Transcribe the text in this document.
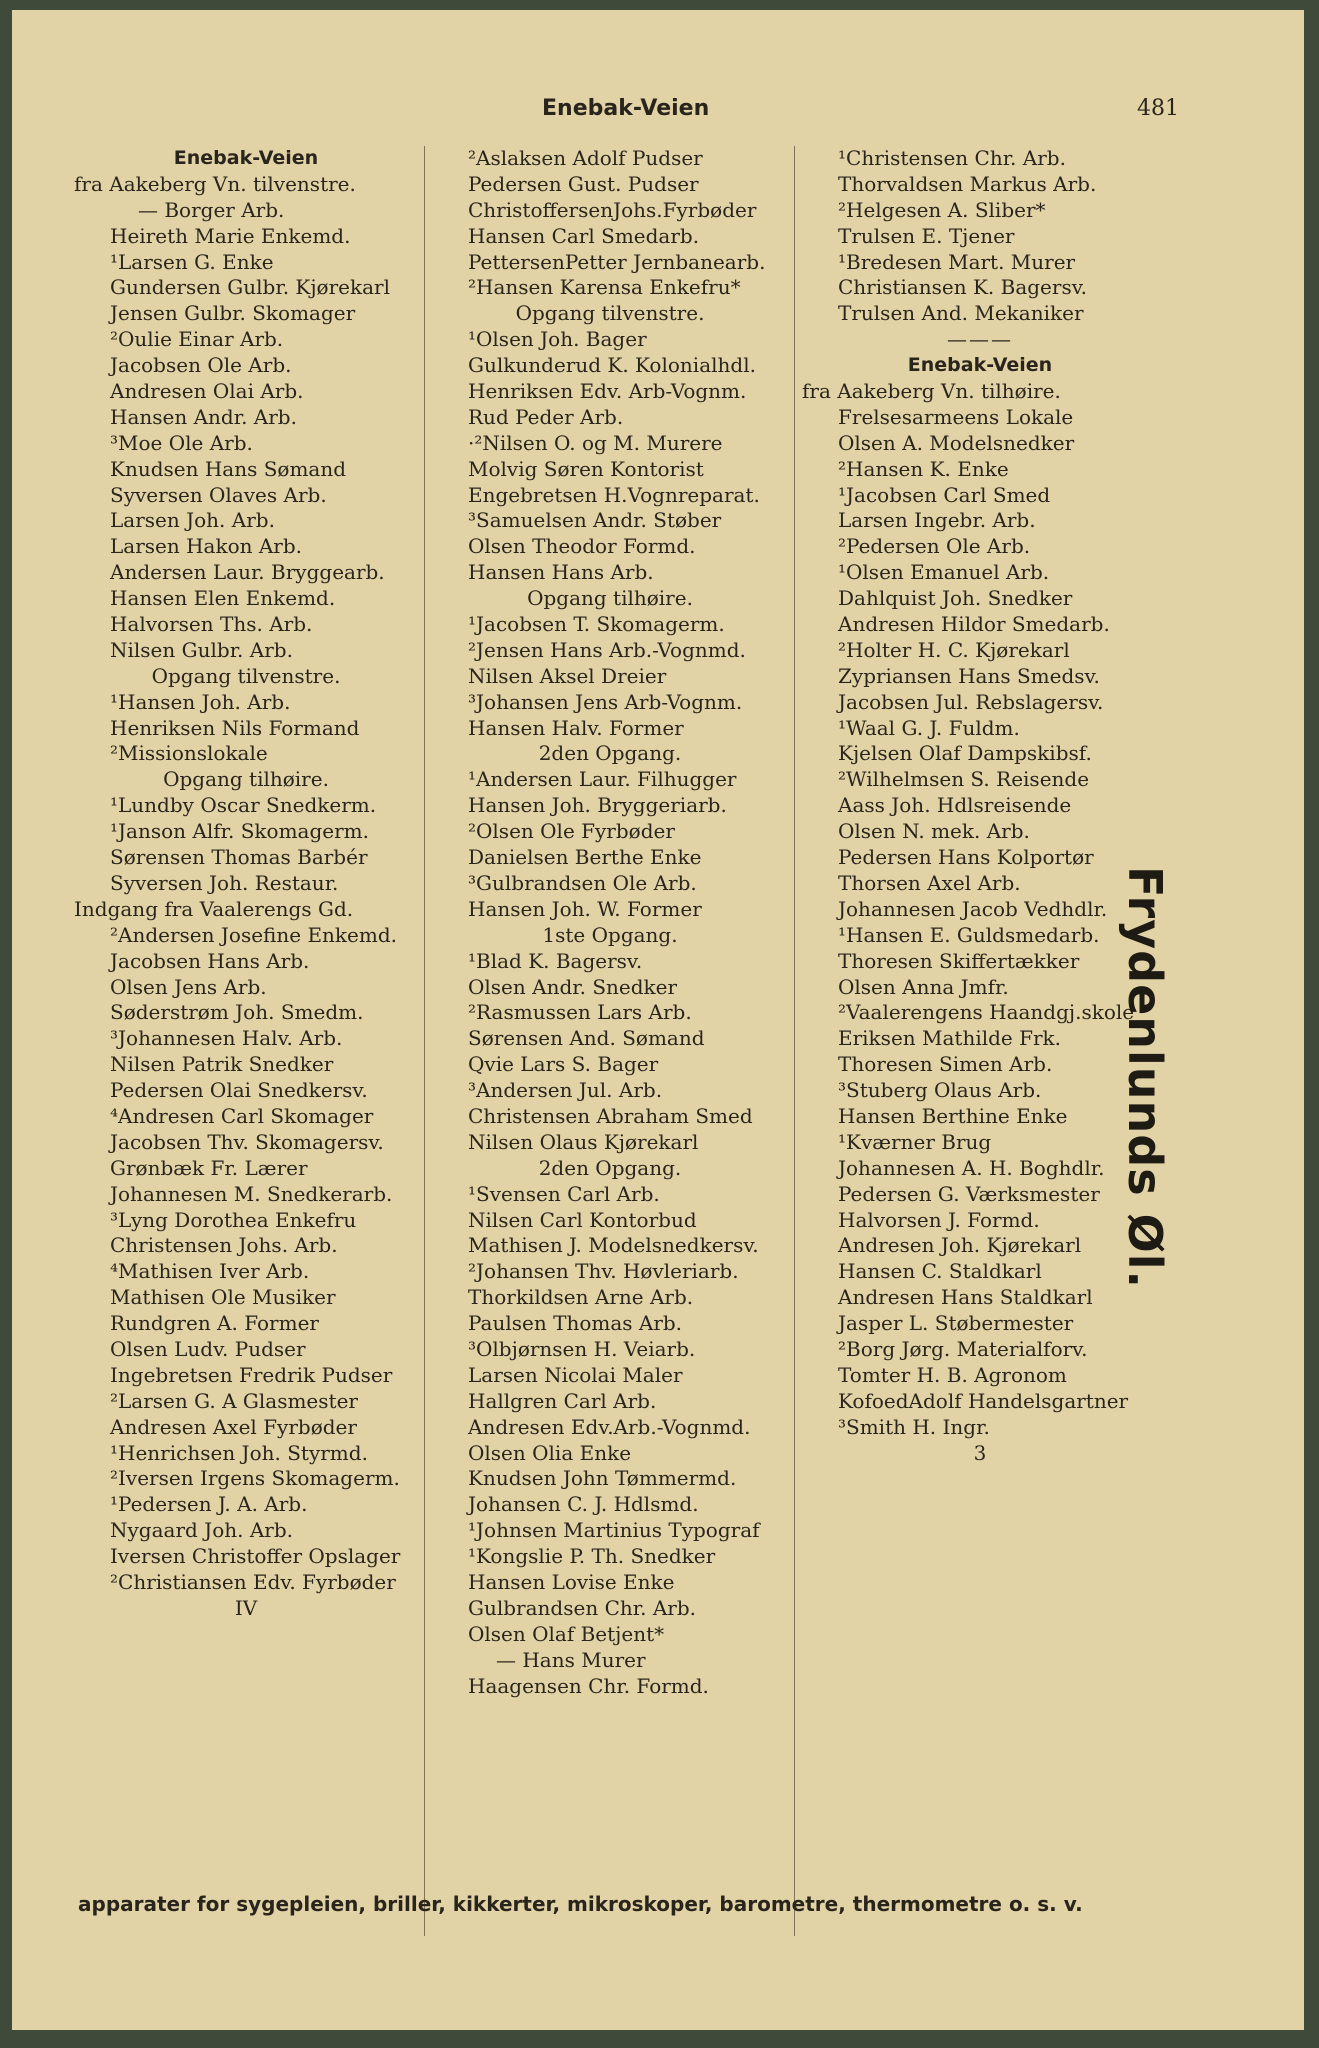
Enebak-Veien	481
Enebak-Veien
fra Aakeberg Vn. tilvenstre.
— Borger Arb.
Heireth Marie Enkemd.
¹Larsen G. Enke
Gundersen Gulbr. Kjørekarl
Jensen Gulbr. Skomager
²Oulie Einar Arb.
Jacobsen Ole Arb.
Andresen Olai Arb.
Hansen Andr. Arb.
³Moe Ole Arb.
Knudsen Hans Sømand
Syversen Olaves Arb.
Larsen Joh. Arb.
Larsen Hakon Arb.
Andersen Laur. Bryggearb.
Hansen Elen Enkemd.
Halvorsen Ths. Arb.
Nilsen Gulbr. Arb.
Opgang tilvenstre.
¹Hansen Joh. Arb.
Henriksen Nils Formand
²Missionslokale
Opgang tilhøire.
¹Lundby Oscar Snedkerm.
¹Janson Alfr. Skomagerm.
Sørensen Thomas Barbér
Syversen Joh. Restaur.
Indgang fra Vaalerengs Gd.
²Andersen Josefine Enkemd.
Jacobsen Hans Arb.
Olsen Jens Arb.
Søderstrøm Joh. Smedm.
³Johannesen Halv. Arb.
Nilsen Patrik Snedker
Pedersen Olai Snedkersv.
⁴Andresen Carl Skomager
Jacobsen Thv. Skomagersv.
Grønbæk Fr. Lærer
Johannesen M. Snedkerarb.
³Lyng Dorothea Enkefru
Christensen Johs. Arb.
⁴Mathisen Iver Arb.
Mathisen Ole Musiker
Rundgren A. Former
Olsen Ludv. Pudser
Ingebretsen Fredrik Pudser
²Larsen G. A Glasmester
Andresen Axel Fyrbøder
¹Henrichsen Joh. Styrmd.
²Iversen Irgens Skomagerm.
¹Pedersen J. A. Arb.
Nygaard Joh. Arb.
Iversen Christoffer Opslager
²Christiansen Edv. Fyrbøder
IV
²Aslaksen Adolf Pudser
Pedersen Gust. Pudser
ChristoffersenJohs.Fyrbøder
Hansen Carl Smedarb.
PettersenPetter Jernbanearb.
²Hansen Karensa Enkefru*
Opgang tilvenstre.
¹Olsen Joh. Bager
Gulkunderud K. Kolonialhdl.
Henriksen Edv. Arb-Vognm.
Rud Peder Arb.
·²Nilsen O. og M. Murere
Molvig Søren Kontorist
Engebretsen H.Vognreparat.
³Samuelsen Andr. Støber
Olsen Theodor Formd.
Hansen Hans Arb.
Opgang tilhøire.
¹Jacobsen T. Skomagerm.
²Jensen Hans Arb.-Vognmd.
Nilsen Aksel Dreier
³Johansen Jens Arb-Vognm.
Hansen Halv. Former
2den Opgang.
¹Andersen Laur. Filhugger
Hansen Joh. Bryggeriarb.
²Olsen Ole Fyrbøder
Danielsen Berthe Enke
³Gulbrandsen Ole Arb.
Hansen Joh. W. Former
1ste Opgang.
¹Blad K. Bagersv.
Olsen Andr. Snedker
²Rasmussen Lars Arb.
Sørensen And. Sømand
Qvie Lars S. Bager
³Andersen Jul. Arb.
Christensen Abraham Smed
Nilsen Olaus Kjørekarl
2den Opgang.
¹Svensen Carl Arb.
Nilsen Carl Kontorbud
Mathisen J. Modelsnedkersv.
²Johansen Thv. Høvleriarb.
Thorkildsen Arne Arb.
Paulsen Thomas Arb.
³Olbjørnsen H. Veiarb.
Larsen Nicolai Maler
Hallgren Carl Arb.
Andresen Edv.Arb.-Vognmd.
Olsen Olia Enke
Knudsen John Tømmermd.
Johansen C. J. Hdlsmd.
¹Johnsen Martinius Typograf
¹Kongslie P. Th. Snedker
Hansen Lovise Enke
Gulbrandsen Chr. Arb.
Olsen Olaf Betjent*
— Hans Murer
Haagensen Chr. Formd.
¹Christensen Chr. Arb.
Thorvaldsen Markus Arb.
²Helgesen A. Sliber*
Trulsen E. Tjener
¹Bredesen Mart. Murer
Christiansen K. Bagersv.
Trulsen And. Mekaniker
———
Enebak-Veien
fra Aakeberg Vn. tilhøire.
Frelsesarmeens Lokale
Olsen A. Modelsnedker
²Hansen K. Enke
¹Jacobsen Carl Smed
Larsen Ingebr. Arb.
²Pedersen Ole Arb.
¹Olsen Emanuel Arb.
Dahlquist Joh. Snedker
Andresen Hildor Smedarb.
²Holter H. C. Kjørekarl
Zypriansen Hans Smedsv.
Jacobsen Jul. Rebslagersv.
¹Waal G. J. Fuldm.
Kjelsen Olaf Dampskibsf.
²Wilhelmsen S. Reisende
Aass Joh. Hdlsreisende
Olsen N. mek. Arb.
Pedersen Hans Kolportør
Thorsen Axel Arb.
Johannesen Jacob Vedhdlr.
¹Hansen E. Guldsmedarb.
Thoresen Skiffertækker
Olsen Anna Jmfr.
²Vaalerengens Haandgj.skole
Eriksen Mathilde Frk.
Thoresen Simen Arb.
³Stuberg Olaus Arb.
Hansen Berthine Enke
¹Kværner Brug
Johannesen A. H. Boghdlr.
Pedersen G. Værksmester
Halvorsen J. Formd.
Andresen Joh. Kjørekarl
Hansen C. Staldkarl
Andresen Hans Staldkarl
Jasper L. Støbermester
²Borg Jørg. Materialforv.
Tomter H. B. Agronom
KofoedAdolf Handelsgartner
³Smith H. Ingr.
3
Frydenlunds Øl.
apparater for sygepleien, briller, kikkerter, mikroskoper, barometre, thermometre o. s. v.
